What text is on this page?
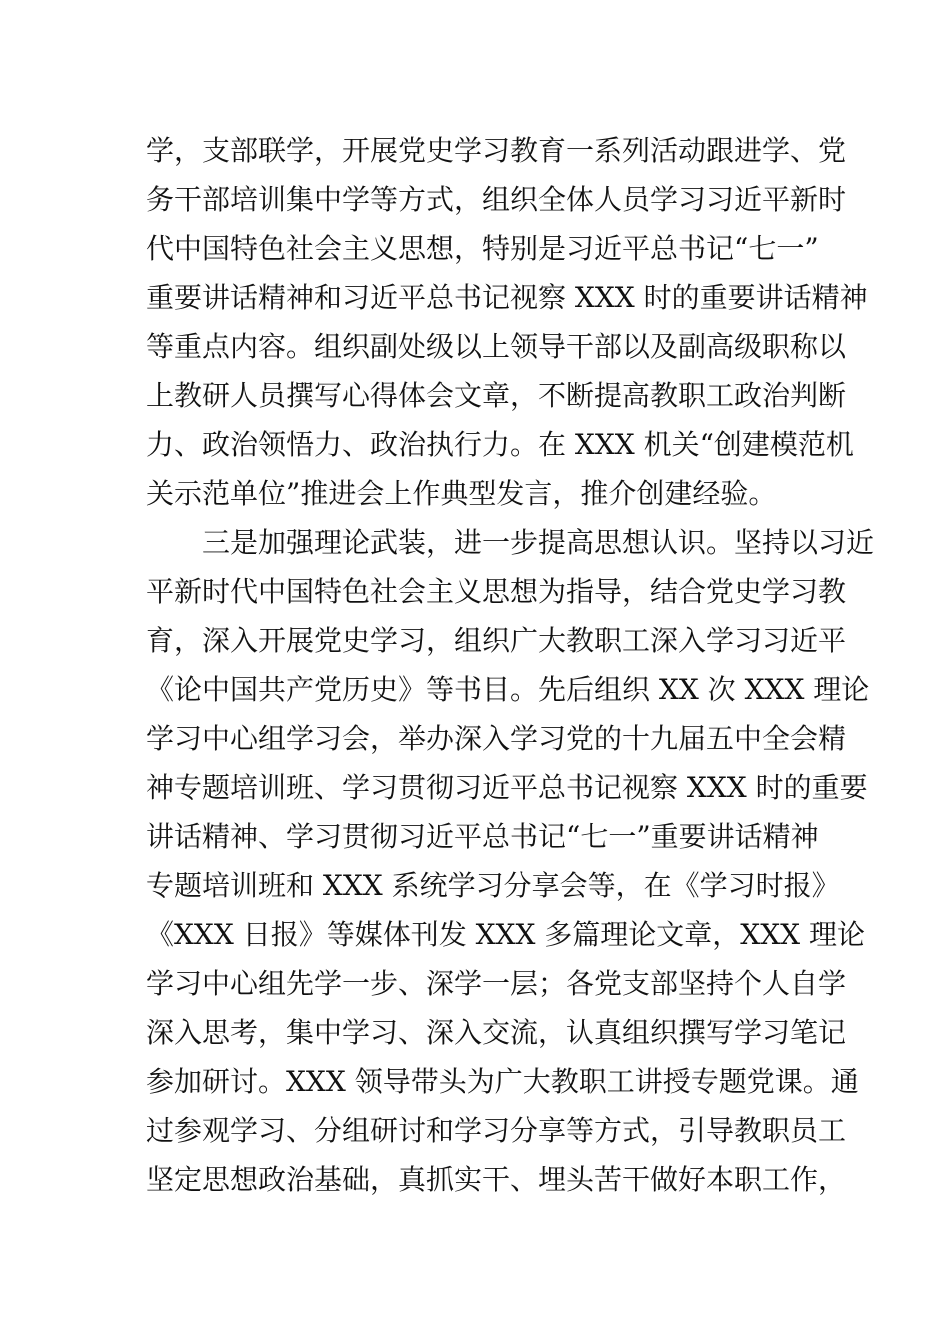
学，支部联学，开展党史学习教育一系列活动跟进学、党
务干部培训集中学等方式，组织全体人员学习习近平新时
代中国特色社会主义思想，特别是习近平总书记“七一”
重要讲话精神和习近平总书记视察 XXX 时的重要讲话精神
等重点内容。组织副处级以上领导干部以及副高级职称以
上教研人员撰写心得体会文章，不断提高教职工政治判断
力、政治领悟力、政治执行力。在 XXX 机关“创建模范机
关示范单位”推进会上作典型发言，推介创建经验。
　　三是加强理论武装，进一步提高思想认识。坚持以习近
平新时代中国特色社会主义思想为指导，结合党史学习教
育，深入开展党史学习，组织广大教职工深入学习习近平
《论中国共产党历史》等书目。先后组织 XX 次 XXX 理论
学习中心组学习会，举办深入学习党的十九届五中全会精
神专题培训班、学习贯彻习近平总书记视察 XXX 时的重要
讲话精神、学习贯彻习近平总书记“七一”重要讲话精神
专题培训班和 XXX 系统学习分享会等，在《学习时报》
《XXX 日报》等媒体刊发 XXX 多篇理论文章，XXX 理论
学习中心组先学一步、深学一层；各党支部坚持个人自学
深入思考，集中学习、深入交流，认真组织撰写学习笔记
参加研讨。XXX 领导带头为广大教职工讲授专题党课。通
过参观学习、分组研讨和学习分享等方式，引导教职员工
坚定思想政治基础，真抓实干、埋头苦干做好本职工作，
